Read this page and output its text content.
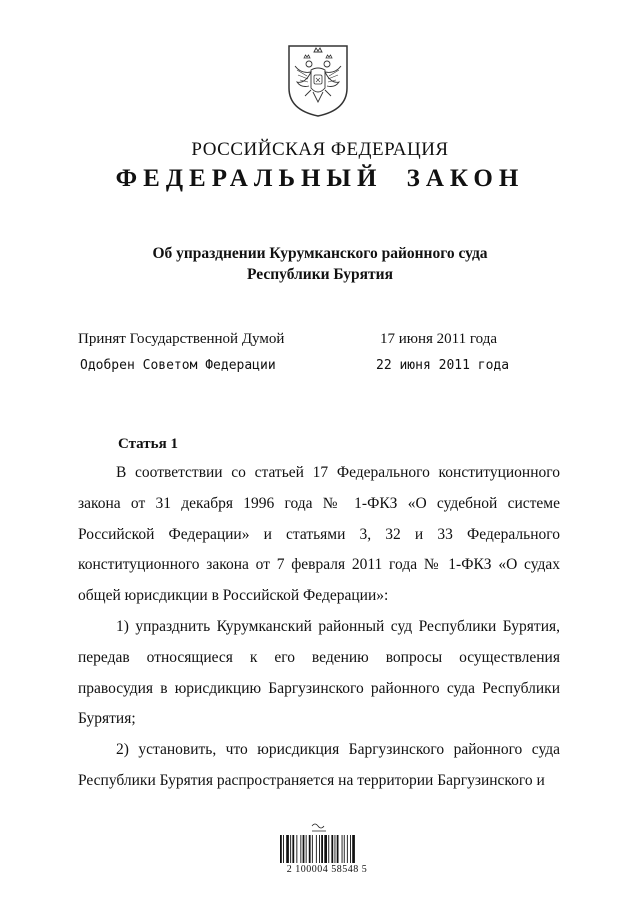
РОССИЙСКАЯ ФЕДЕРАЦИЯ
ФЕДЕРАЛЬНЫЙ ЗАКОН
Об упразднении Курумканского районного суда
Республики Бурятия
Принят Государственной Думой	17 июня 2011 года
Одобрен Советом Федерации	22 июня 2011 года
Статья 1

В соответствии со статьей 17 Федерального конституционного закона от 31 декабря 1996 года № 1-ФКЗ «О судебной системе Российской Федерации» и статьями 3, 32 и 33 Федерального конституционного закона от 7 февраля 2011 года № 1-ФКЗ «О судах общей юрисдикции в Российской Федерации»:

1) упразднить Курумканский районный суд Республики Бурятия, передав относящиеся к его ведению вопросы осуществления правосудия в юрисдикцию Баргузинского районного суда Республики Бурятия;

2) установить, что юрисдикция Баргузинского районного суда Республики Бурятия распространяется на территории Баргузинского и

2 100004 58548 5
